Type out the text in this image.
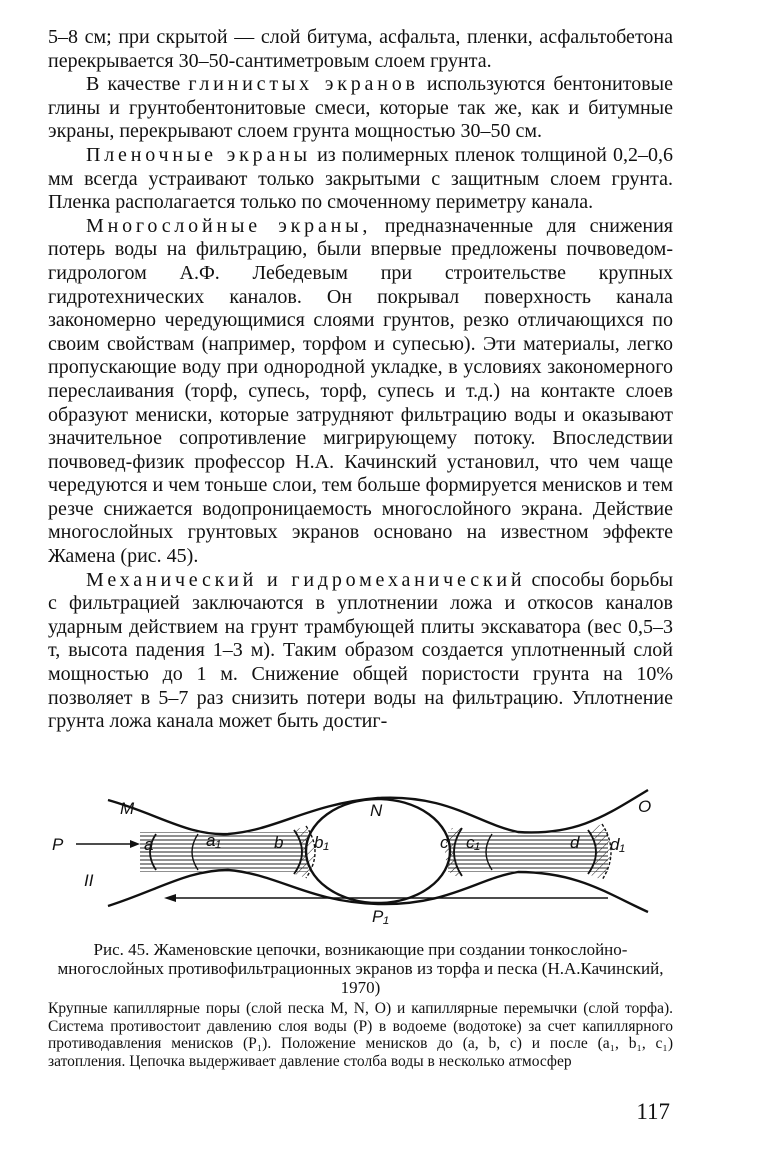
5–8 см; при скрытой — слой битума, асфальта, пленки, асфальтобетона перекрывается 30–50-сантиметровым слоем грунта.

В качестве глинистых экранов используются бентонитовые глины и грунтобентонитовые смеси, которые так же, как и битумные экраны, перекрывают слоем грунта мощностью 30–50 см.

Пленочные экраны из полимерных пленок толщиной 0,2–0,6 мм всегда устраивают только закрытыми с защитным слоем грунта. Пленка располагается только по смоченному периметру канала.

Многослойные экраны, предназначенные для снижения потерь воды на фильтрацию, были впервые предложены почвоведом-гидрологом А.Ф. Лебедевым при строительстве крупных гидротехнических каналов. Он покрывал поверхность канала закономерно чередующимися слоями грунтов, резко отличающихся по своим свойствам (например, торфом и супесью). Эти материалы, легко пропускающие воду при однородной укладке, в условиях закономерного переслаивания (торф, супесь, торф, супесь и т.д.) на контакте слоев образуют мениски, которые затрудняют фильтрацию воды и оказывают значительное сопротивление мигрирующему потоку. Впоследствии почвовед-физик профессор Н.А. Качинский установил, что чем чаще чередуются и чем тоньше слои, тем больше формируется менисков и тем резче снижается водопроницаемость многослойного экрана. Действие многослойных грунтовых экранов основано на известном эффекте Жамена (рис. 45).

Механический и гидромеханический способы борьбы с фильтрацией заключаются в уплотнении ложа и откосов каналов ударным действием на грунт трамбующей плиты экскаватора (вес 0,5–3 т, высота падения 1–3 м). Таким образом создается уплотненный слой мощностью до 1 м. Снижение общей пористости грунта на 10% позволяет в 5–7 раз снизить потери воды на фильтрацию. Уплотнение грунта ложа канала может быть достиг-

M	N	O
P
II
P₁
a	a₁	b b₁	c c₁	d d₁

Рис. 45. Жаменовские цепочки, возникающие при создании тонкослойно-многослойных противофильтрационных экранов из торфа и песка (Н.А.Качинский, 1970)

Крупные капиллярные поры (слой песка M, N, O) и капиллярные перемычки (слой торфа). Система противостоит давлению слоя воды (P) в водоеме (водотоке) за счет капиллярного противодавления менисков (P₁). Положение менисков до (a, b, c) и после (a₁, b₁, c₁) затопления. Цепочка выдерживает давление столба воды в несколько атмосфер

117
